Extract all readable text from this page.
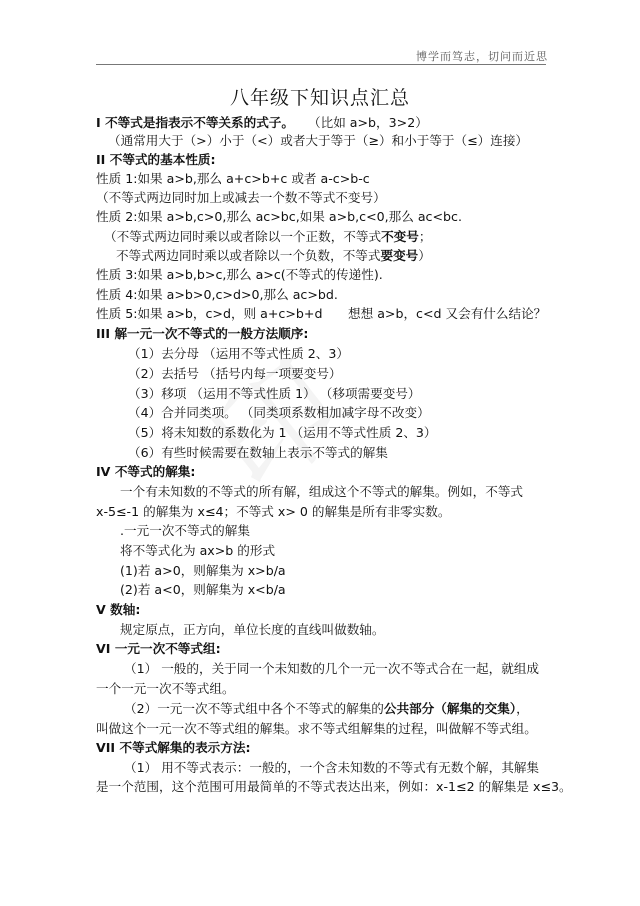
博学而笃志，切问而近思
八年级下知识点汇总
I 不等式是指表示不等关系的式子。 （比如 a>b，3>2）
（通常用大于（>）小于（<）或者大于等于（≥）和小于等于（≤）连接）
II 不等式的基本性质:
性质 1:如果 a>b,那么 a+c>b+c 或者 a-c>b-c
（不等式两边同时加上或减去一个数不等式不变号）
性质 2:如果 a>b,c>0,那么 ac>bc,如果 a>b,c<0,那么 ac<bc.
（不等式两边同时乘以或者除以一个正数，不等式不变号；
不等式两边同时乘以或者除以一个负数，不等式要变号）
性质 3:如果 a>b,b>c,那么 a>c(不等式的传递性).
性质 4:如果 a>b>0,c>d>0,那么 ac>bd.
性质 5:如果 a>b，c>d，则 a+c>b+d 想想 a>b，c<d 又会有什么结论？
III 解一元一次不等式的一般方法顺序:
（1）去分母 （运用不等式性质 2、3）
（2）去括号 （括号内每一项要变号）
（3）移项 （运用不等式性质 1） （移项需要变号）
（4）合并同类项。 （同类项系数相加减字母不改变）
（5）将未知数的系数化为 1 （运用不等式性质 2、3）
（6）有些时候需要在数轴上表示不等式的解集
IV 不等式的解集:
一个有未知数的不等式的所有解，组成这个不等式的解集。例如，不等式
x-5≤-1 的解集为 x≤4；不等式 x> 0 的解集是所有非零实数。
.一元一次不等式的解集
将不等式化为 ax>b 的形式
(1)若 a>0，则解集为 x>b/a
(2)若 a<0，则解集为 x<b/a
V 数轴:
规定原点，正方向，单位长度的直线叫做数轴。
VI 一元一次不等式组:
（1） 一般的，关于同一个未知数的几个一元一次不等式合在一起，就组成
一个一元一次不等式组。
（2）一元一次不等式组中各个不等式的解集的公共部分（解集的交集），
叫做这个一元一次不等式组的解集。求不等式组解集的过程，叫做解不等式组。
VII 不等式解集的表示方法:
（1） 用不等式表示：一般的，一个含未知数的不等式有无数个解，其解集
是一个范围，这个范围可用最简单的不等式表达出来，例如：x-1≤2 的解集是 x≤3。
